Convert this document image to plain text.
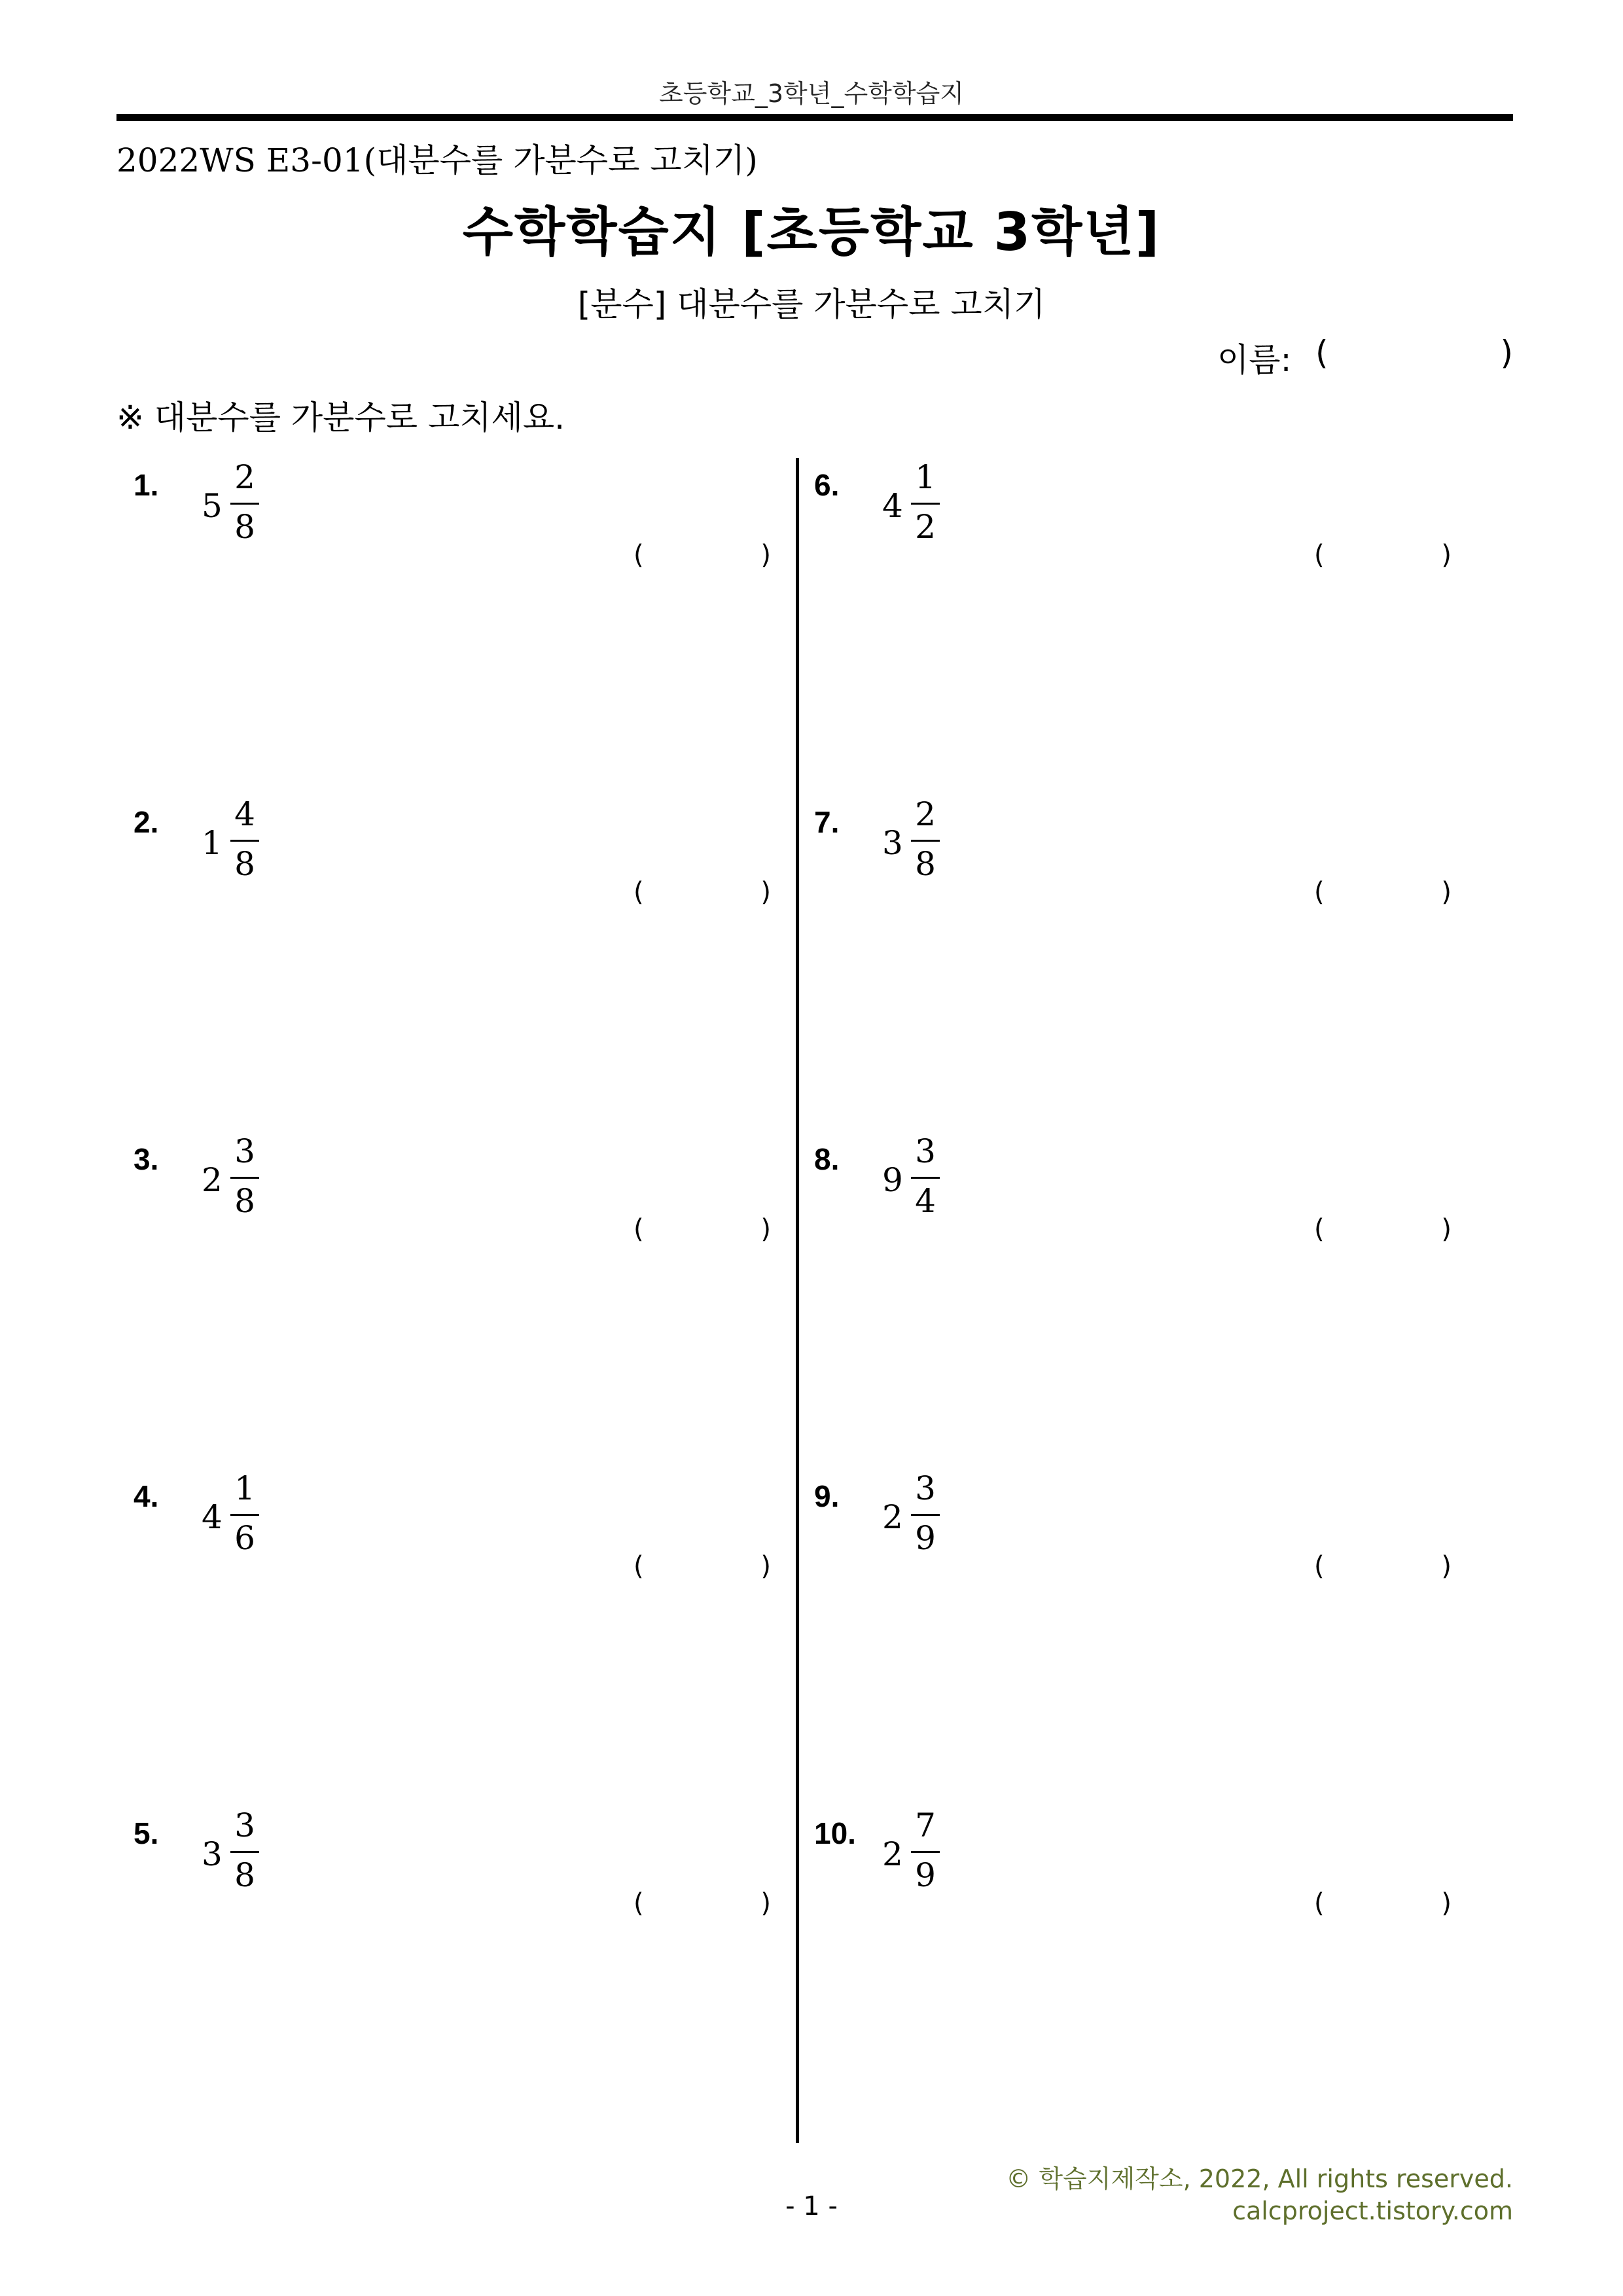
초등학교_3학년_수학학습지
2022WS E3-01(대분수를 가분수로 고치기)
수학학습지 [초등학교 3학년]
[분수] 대분수를 가분수로 고치기
이름: (	)
※ 대분수를 가분수로 고치세요.
1.
5
2
8
(	)
2.
1
4
8
(	)
3.
2
3
8
(	)
4.
4
1
6
(	)
5.
3
3
8
(	)
6.
4
1
2
(	)
7.
3
2
8
(	)
8.
9
3
4
(	)
9.
2
3
9
(	)
10.
2
7
9
(	)
- 1 -
© 학습지제작소, 2022, All rights reserved.
calcproject.tistory.com
